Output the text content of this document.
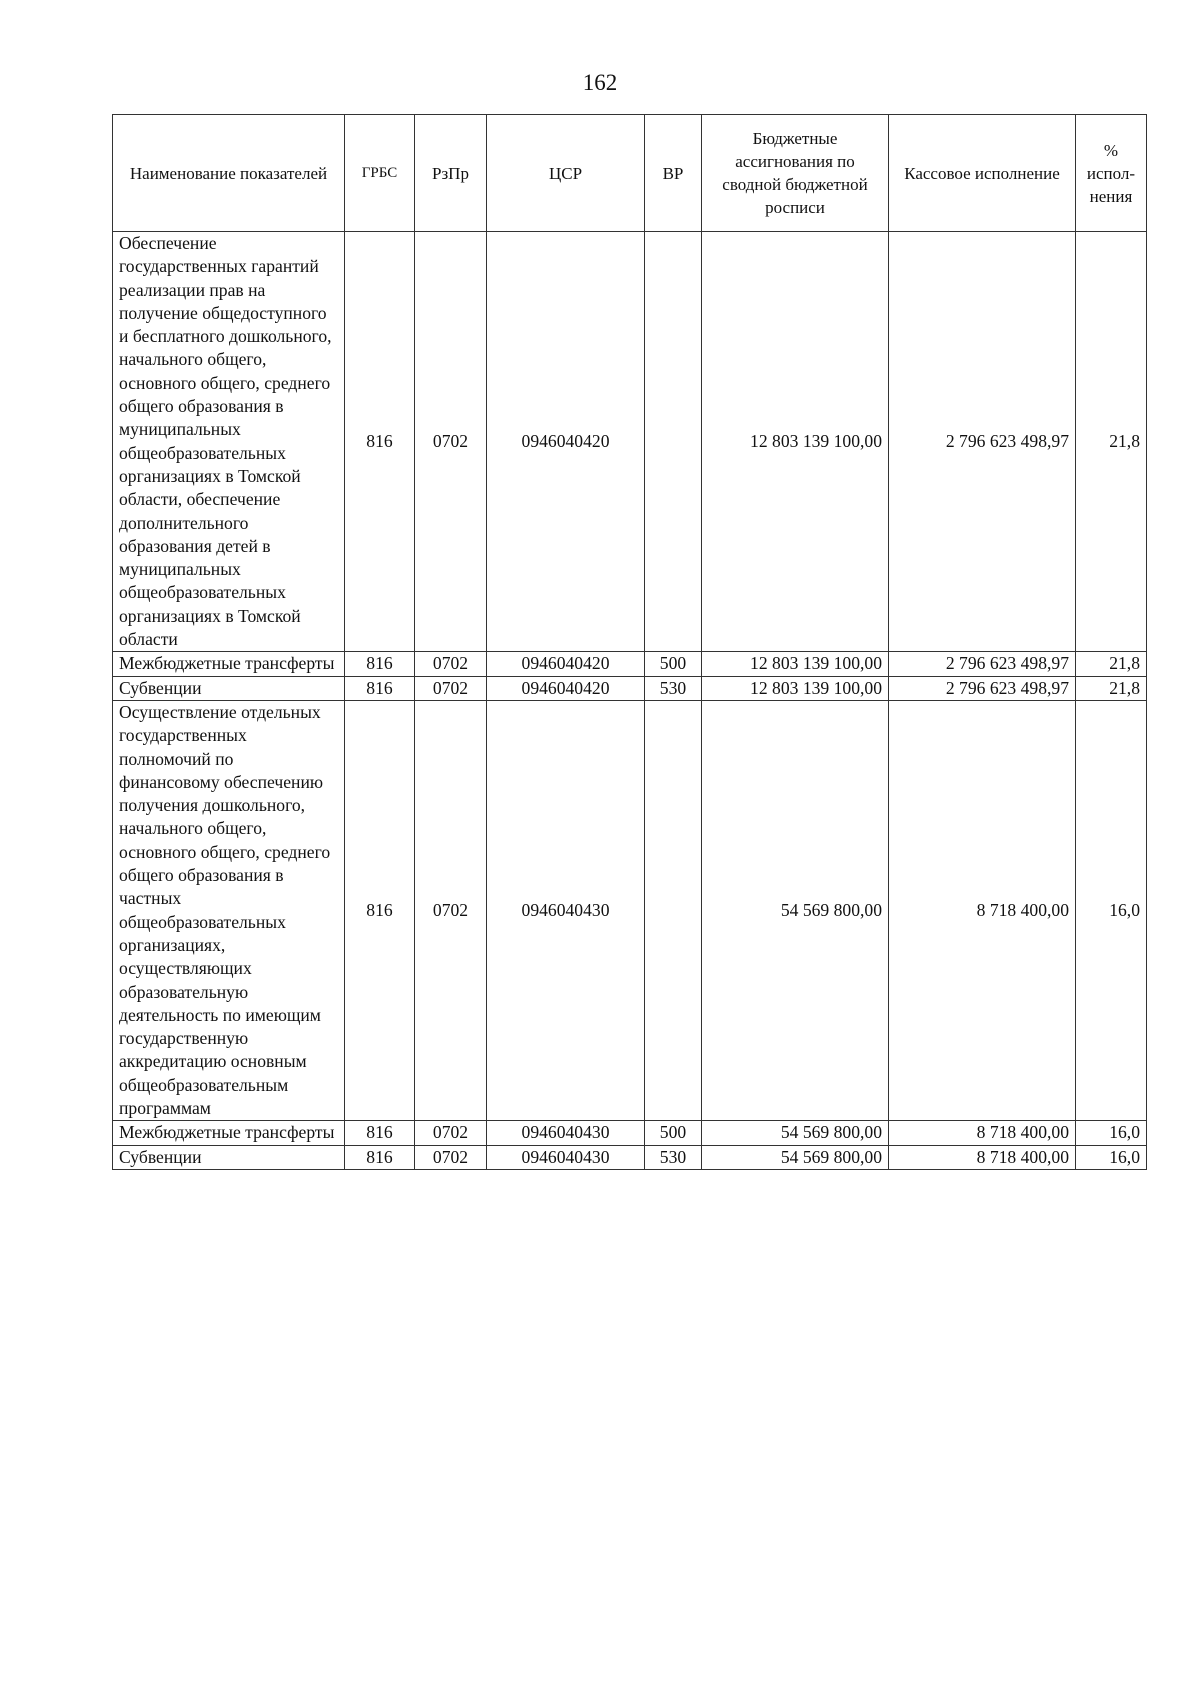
162
Наименование показателей	ГРБС	РзПр	ЦСР	ВР	Бюджетные ассигнования по сводной бюджетной росписи	Кассовое исполнение	% испол-нения
Обеспечение государственных гарантий реализации прав на получение общедоступного и бесплатного дошкольного, начального общего, основного общего, среднего общего образования в муниципальных общеобразовательных организациях в Томской области, обеспечение дополнительного образования детей в муниципальных общеобразовательных организациях в Томской области	816	0702	0946040420		12 803 139 100,00	2 796 623 498,97	21,8
Межбюджетные трансферты	816	0702	0946040420	500	12 803 139 100,00	2 796 623 498,97	21,8
Субвенции	816	0702	0946040420	530	12 803 139 100,00	2 796 623 498,97	21,8
Осуществление отдельных государственных полномочий по финансовому обеспечению получения дошкольного, начального общего, основного общего, среднего общего образования в частных общеобразовательных организациях, осуществляющих образовательную деятельность по имеющим государственную аккредитацию основным общеобразовательным программам	816	0702	0946040430		54 569 800,00	8 718 400,00	16,0
Межбюджетные трансферты	816	0702	0946040430	500	54 569 800,00	8 718 400,00	16,0
Субвенции	816	0702	0946040430	530	54 569 800,00	8 718 400,00	16,0
